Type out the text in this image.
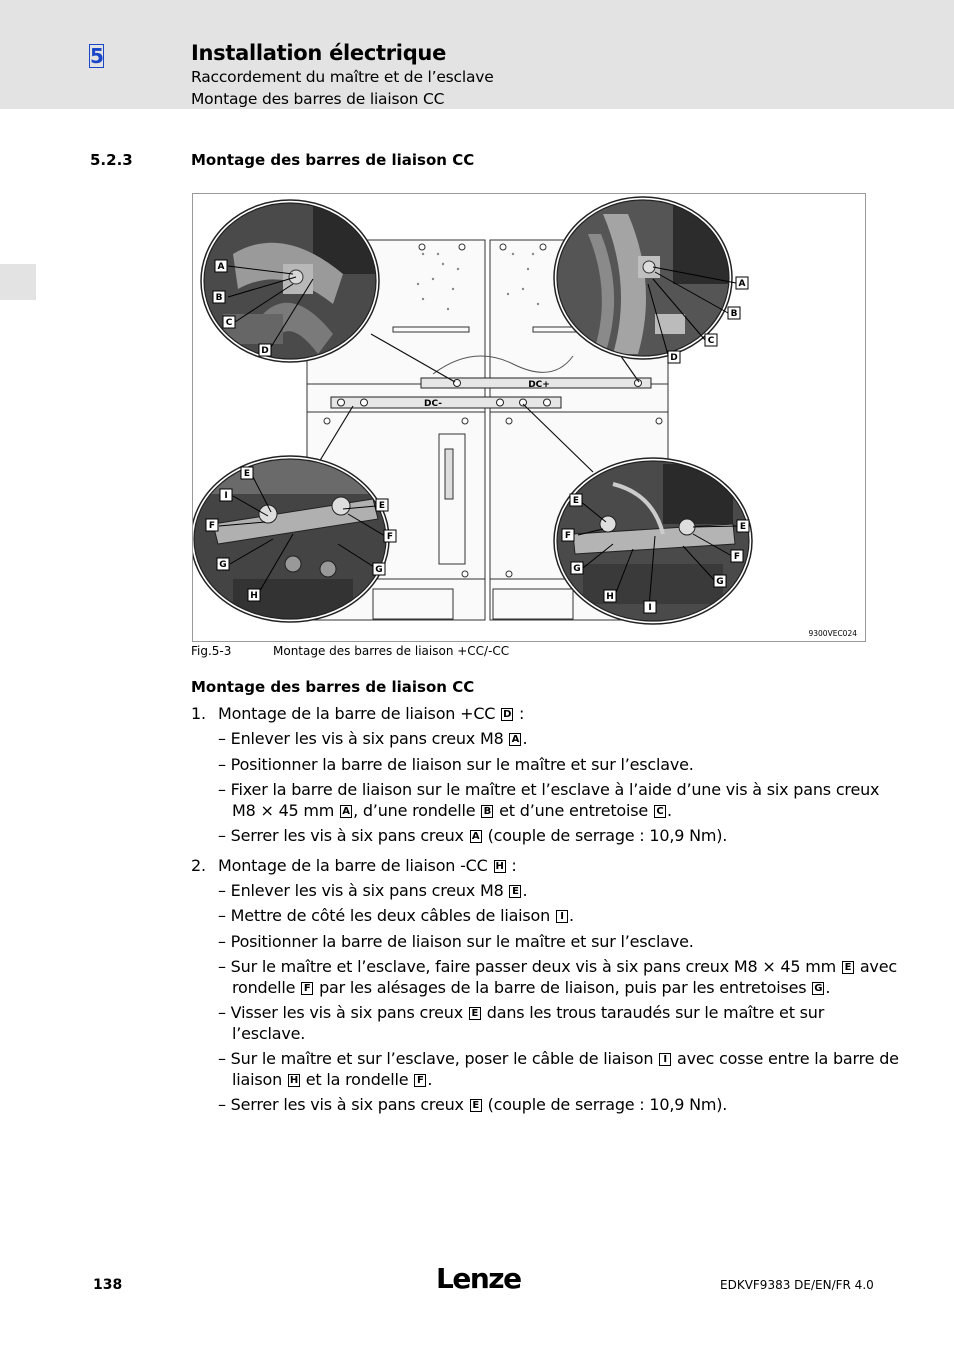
5	Installation électrique
Raccordement du maître et de l’esclave
Montage des barres de liaison CC
5.2.3	Montage des barres de liaison CC
DC+
DC-
A
B
C
D
A
B
C
D
E
I
F
E
F
G	G
H
E
F
G
H
I
E
F
G
9300VEC024
Fig.5-3	Montage des barres de liaison +CC/-CC
Montage des barres de liaison CC
1. Montage de la barre de liaison +CC D :
– Enlever les vis à six pans creux M8 A .
– Positionner la barre de liaison sur le maître et sur l’esclave.
– Fixer la barre de liaison sur le maître et l’esclave à l’aide d’une vis à six pans creux
M8 × 45 mm A , d’une rondelle B et d’une entretoise C .
– Serrer les vis à six pans creux A (couple de serrage : 10,9 Nm).
2. Montage de la barre de liaison -CC H :
– Enlever les vis à six pans creux M8 E .
– Mettre de côté les deux câbles de liaison I .
– Positionner la barre de liaison sur le maître et sur l’esclave.
– Sur le maître et l’esclave, faire passer deux vis à six pans creux M8 × 45 mm E avec
rondelle F par les alésages de la barre de liaison, puis par les entretoises G .
– Visser les vis à six pans creux E dans les trous taraudés sur le maître et sur
l’esclave.
– Sur le maître et sur l’esclave, poser le câble de liaison I avec cosse entre la barre de
liaison H et la rondelle F .
– Serrer les vis à six pans creux E (couple de serrage : 10,9 Nm).
138	Lenze	EDKVF9383 DE/EN/FR 4.0
